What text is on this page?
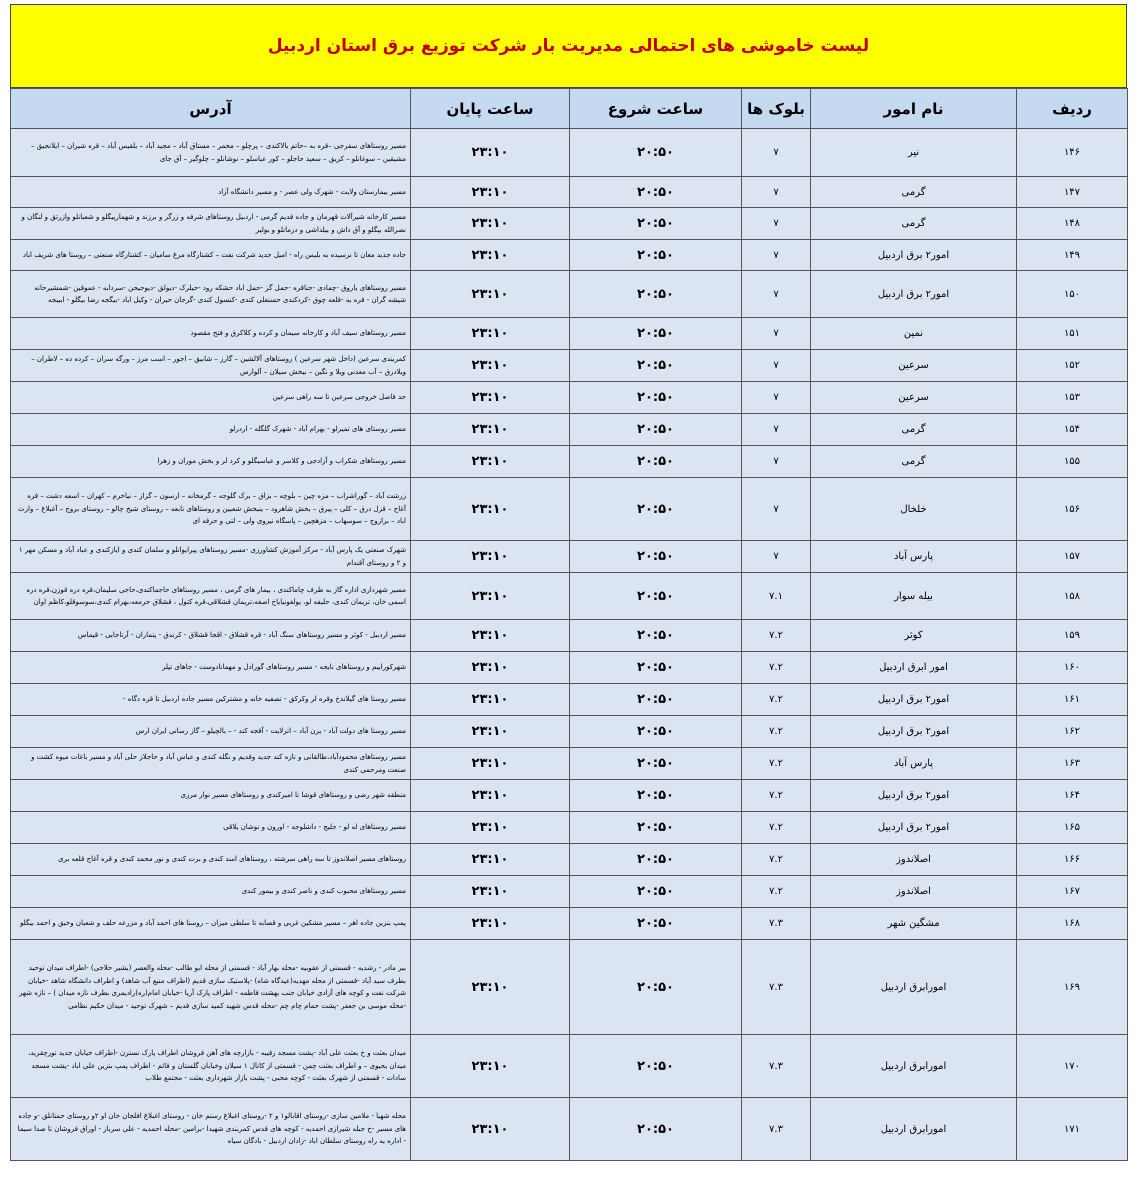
لیست خاموشی های احتمالی مدیریت بار شرکت توزیع برق استان اردبیل
ردیف	نام امور	بلوک ها	ساعت شروع	ساعت پایان	آدرس
۱۴۶	نیر	۷	۲۰:۵۰	۲۳:۱۰	مسیر روستاهای سفرجی –قره به –حاتم بالاکندی – پرچلو – محمر – مستاق آباد – مجید آباد – بلقیس آباد – قره شیران – ایلانجیق – مشیقین – سوغانلو – کریق – سعید حاجلو – کور عباسلو – نوشانلو – چلوگیر – آق جای
۱۴۷	گرمی	۷	۲۰:۵۰	۲۳:۱۰	مسیر بیمارستان ولایت - شهرک ولی عصر - و مسیر دانشگاه آزاد
۱۴۸	گرمی	۷	۲۰:۵۰	۲۳:۱۰	مسیر کارخانه شیرآلات قهرمان و جاده قدیم گرمی - اردبیل روستاهای شرفه و زرگر و برزند و شهمارپیگلو و شعبانلو وازرتق و لنگان و نصرالله بیگلو و آق داش و بیلداشی و درمانلو و بولیر
۱۴۹	امور۲ برق اردبیل	۷	۲۰:۵۰	۲۳:۱۰	جاده جدید مغان تا نرسیده به بلیس راه - امیل جدید شرکت نفت – کشتارگاه مرغ سامیان – کشتارگاه صنعتی – روستا های شریف اباد
۱۵۰	امور۲ برق اردبیل	۷	۲۰:۵۰	۲۳:۱۰	مسیر روستاهای یاروق -چمادی -جناقره -حمل گز -حمل اباد حشکه رود -حیلرک -دیولق -دیوجیحن -سردابه - عموقین -شمشیرحانه شیشه گران - قره به -قلعه چوق -کردکندی حسنعلی کندی -کنسول کندی -گرجان حیران - وکیل اباد -بیگجه رضا بیگلو - ابیبجه
۱۵۱	نمین	۷	۲۰:۵۰	۲۳:۱۰	مسیر روستاهای سیف آباد و کارخانه سیمان و کرده و کلاکرق و فتح مقصود
۱۵۲	سرعین	۷	۲۰:۵۰	۲۳:۱۰	کمربندی سرعین (داخل شهر سرعین ) روستاهای آلالشین – گارز – شابیق – اجور – اسب مرز – ورگه سران – کرده ده – لاطران – ویلادرق – آب معدنی ویلا و نگین – بیخش سیلان – آلوارس
۱۵۳	سرعین	۷	۲۰:۵۰	۲۳:۱۰	حد فاصل خروجی سرعین تا سه راهی سرعین
۱۵۴	گرمی	۷	۲۰:۵۰	۲۳:۱۰	مسیر روستای های تمیرلو - بهرام آباد - شهرک گلگله - اردرلو
۱۵۵	گرمی	۷	۲۰:۵۰	۲۳:۱۰	مسیر روستاهای شکراب و آزادجی و کلاسر و عباسیگلو و کرد لر و بخش موران و زهرا
۱۵۶	خلخال	۷	۲۰:۵۰	۲۳:۱۰	زرشت آباد – گوراشراب – مزه چین – بلوچه – بزاق – برک گلوجه – گرمخانه – ارسون – گزاز – نیاخرم – کهران – اسعه دشت – قره آغاج – قزل درق – کلی – پیرق – بخش شاهرود – ینبخش شعبین و روستاهای نابعه – روستای شیخ چالو – روستای بروج – آغبلاغ – وارث اباد – برازوج – سوسهاب – مزهچین – پاسگاه نیروی ولی – لتی و حرقه ای
۱۵۷	پارس آباد	۷	۲۰:۵۰	۲۳:۱۰	شهرک صنعتی یک پارس آباد - مرکز آموزش کشاورزی -مسیر روستاهای پیرایوانلو و سلمان کندی و ایازکندی و عباد آباد و مسکن مهر ۱ و ۲ و روستای آقندام
۱۵۸	بیله سوار	۷.۱	۲۰:۵۰	۲۳:۱۰	مسیر شهرداری اداره گاز به طرف چاماکندی ، بیمار های گرمی ، مسیر روستاهای حاجماکندی،حاجی سلیمان،قره دره قوزن،قره دره اسمی خان، تریمان کندی، حلیفه لو، یولغونیایاخ اصغه،تریمان قشلاقی،قره کتول ، قشلاق حرمعه،بهرام کندی،سوسوقلو،کاظم اوان
۱۵۹	کوثر	۷.۲	۲۰:۵۰	۲۳:۱۰	مسیر اردبیل - کوثر و مسیر روستاهای سنگ آباد - قره قشلاق - اقجا قشلاق - کرندق - پتماران - آرتاجایی - قیماس
۱۶۰	امور ابرق اردبیل	۷.۲	۲۰:۵۰	۲۳:۱۰	شهرکوراییم و روستاهای نایجه - مسیر روستاهای گورادل و مهمانادوست - جاهای تپلر
۱۶۱	امور۲ برق اردبیل	۷.۲	۲۰:۵۰	۲۳:۱۰	مسیر روستا های گیلاندخ وقره لر وکرکق - تصفیه خانه و مشترکین مسیر جاده اردبیل تا قره دگاه -
۱۶۲	امور۲ برق اردبیل	۷.۲	۲۰:۵۰	۲۳:۱۰	مسیر روستا های دولت آباد - یزن آباد – اترلایت - آقجه کند - – بالچیلو – گاز رسانی ایران ارس
۱۶۳	پارس آباد	۷.۲	۲۰:۵۰	۲۳:۱۰	مسیر روستاهای محمودآباد،طالقانی و نازه کند جدید وقدیم و نگله کندی و عباس آباد و حاجلاز حلی آباد و مسیر باغات میوه کشت و صنعت ومرحمی کندی
۱۶۴	امور۲ برق اردبیل	۷.۲	۲۰:۵۰	۲۳:۱۰	منطقه شهر رضی و روستاهای قوشا تا امیرکندی و روستاهای مسیر نوار مرزی
۱۶۵	امور۲ برق اردبیل	۷.۲	۲۰:۵۰	۲۳:۱۰	مسیر روستاهای له لو - جلیج - داشلوجه - اورون و نوشان یلاقی
۱۶۶	اصلاندوز	۷.۲	۲۰:۵۰	۲۳:۱۰	روستاهای مسیر اصلاندوز تا سه راهی سرشته ، روستاهای اسد کندی و برت کندی و نور محمد کندی و قره آغاج قلعه بری
۱۶۷	اصلاندوز	۷.۲	۲۰:۵۰	۲۳:۱۰	مسیر روستاهای محبوب کندی و ناصر کندی و بیمور کندی
۱۶۸	مشگین شهر	۷.۳	۲۰:۵۰	۲۳:۱۰	پمپ بنزین جاده اهر – مسیر مشکین غربی و قصابه تا سلطی میزان – روستا های احمد آباد و مزرعه حلف و شعبان وخیق و احمد بیگلو
۱۶۹	امورابرق اردبیل	۷.۳	۲۰:۵۰	۲۳:۱۰	بیر مادر - رشدیه - قسمتی از عقوبیه -محله بهار آباد - قسمتی از محله ابو طالب -محله والعصر (بشیر حلاجی) -اطراف میدان توحید بطرف سید آباد -قسمتی از محله مهدیه(عیدگاه شاه) -پلاستیک سازی قدیم (اطراف منبع آب شاهد) و اطراف دانشگاه شاهد -خیابان شرکت نفت و کوچه های آزادی خیابان جنب بهشت فاطمه - اطراف پارک آریا -خیابان امام(ره)رادیمری بطرف نازه میدان ) – نازه شهر -محله موسی بن جعفر -پشت حمام چام چم -محله قدس شهید کمید سازی قدیم – شهرک توحید - میدان حکیم نظامی
۱۷۰	امورابرق اردبیل	۷.۳	۲۰:۵۰	۲۳:۱۰	میدان بعثت و خ بعثت علی آباد -پشت مسجد رقیبه - بازارچه های آهن فروشان اطراف پارک نسترن -اطراف خیابان جدید نورچقرید، میدان یحیوی – و اطراف بعثت چمن - قسمتی از کانال ۱ سیلان وخیابان گلستان و قائم - اطراف پمپ بنزین علی اباد -پشت مسجد سادات - قسمتی از شهرک بعثت - کوچه محبی - پشت بازار شهرداری بعثت - مجتمع طلاب
۱۷۱	امورابرق اردبیل	۷.۳	۲۰:۵۰	۲۳:۱۰	محله شهیا - ملامین سازی -روستای اقابالو۱ و ۲ -روستای اغبلاغ رستم خان - روستای اغبلاغ افلجان خان او ۲و روستای حمتانلق -و جاده های مسیر -خ جبله شیرازی احمدیه - کوچه های قدس کمربندی شهیدا -برامین -محله احمدیه - علی سرباز - اوراق فروشان تا صدا سیما - اداره یه راه روستای سلطان اباد -زادان اردبیل - بادگان سیاه
